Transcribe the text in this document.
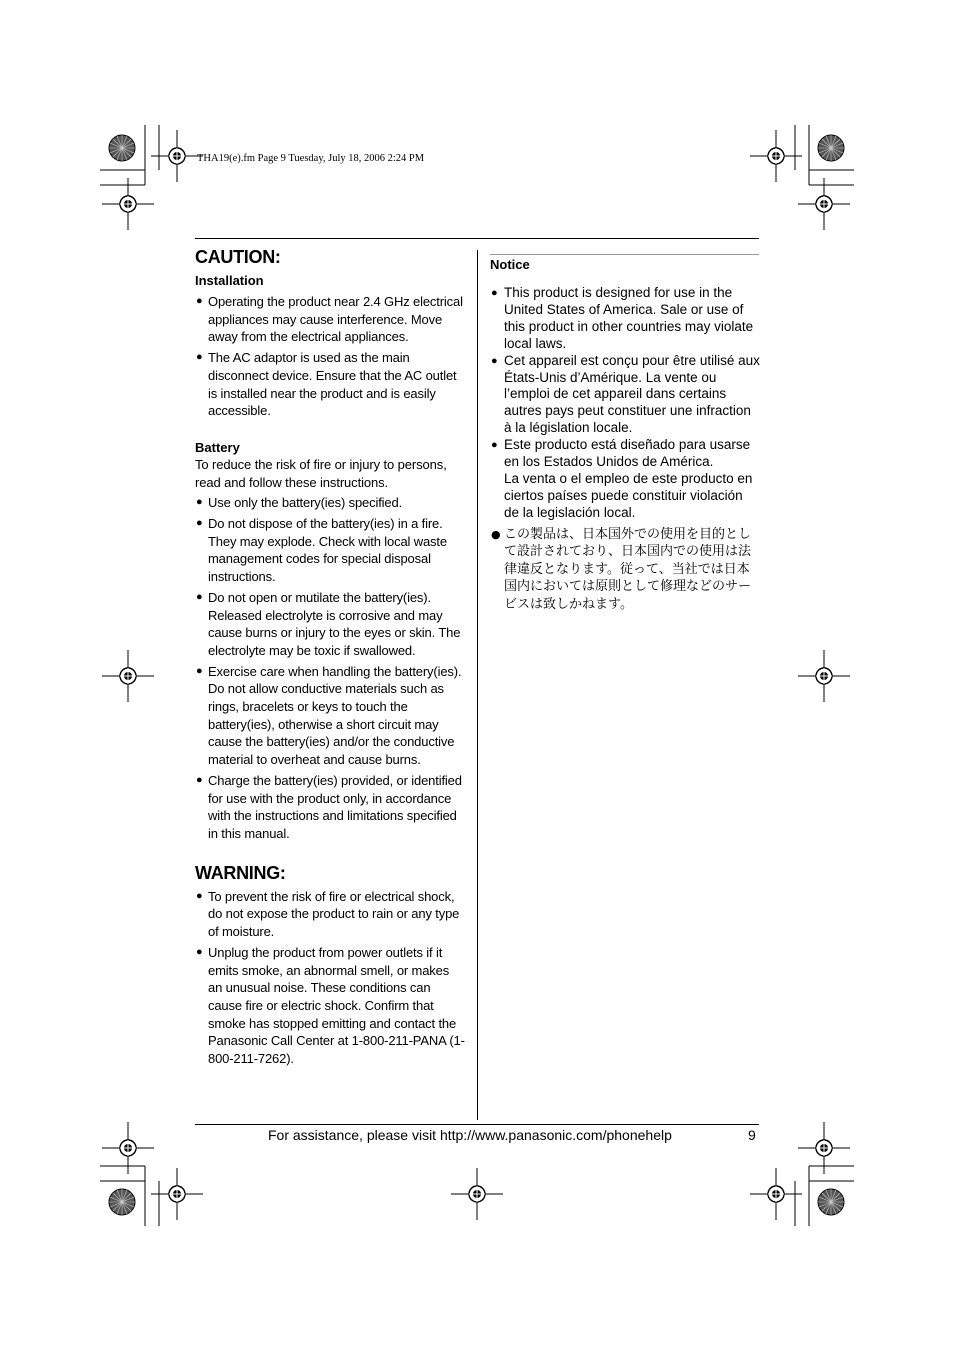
THA19(e).fm Page 9 Tuesday, July 18, 2006 2:24 PM
CAUTION:
Installation
● Operating the product near 2.4 GHz electrical appliances may cause interference. Move away from the electrical appliances.
● The AC adaptor is used as the main disconnect device. Ensure that the AC outlet is installed near the product and is easily accessible.
Battery
To reduce the risk of fire or injury to persons, read and follow these instructions.
● Use only the battery(ies) specified.
● Do not dispose of the battery(ies) in a fire. They may explode. Check with local waste management codes for special disposal instructions.
● Do not open or mutilate the battery(ies). Released electrolyte is corrosive and may cause burns or injury to the eyes or skin. The electrolyte may be toxic if swallowed.
● Exercise care when handling the battery(ies). Do not allow conductive materials such as rings, bracelets or keys to touch the battery(ies), otherwise a short circuit may cause the battery(ies) and/or the conductive material to overheat and cause burns.
● Charge the battery(ies) provided, or identified for use with the product only, in accordance with the instructions and limitations specified in this manual.
WARNING:
● To prevent the risk of fire or electrical shock, do not expose the product to rain or any type of moisture.
● Unplug the product from power outlets if it emits smoke, an abnormal smell, or makes an unusual noise. These conditions can cause fire or electric shock. Confirm that smoke has stopped emitting and contact the Panasonic Call Center at 1-800-211-PANA (1-800-211-7262).
Notice
● This product is designed for use in the United States of America. Sale or use of this product in other countries may violate local laws.
● Cet appareil est conçu pour être utilisé aux États-Unis d’Amérique. La vente ou l’emploi de cet appareil dans certains autres pays peut constituer une infraction à la législation locale.
● Este producto está diseñado para usarse en los Estados Unidos de América.
La venta o el empleo de este producto en ciertos países puede constituir violación de la legislación local.
● この製品は、日本国外での使用を目的として設計されており、日本国内での使用は法律違反となります。従って、当社では日本国内においては原則として修理などのサービスは致しかねます。
For assistance, please visit http://www.panasonic.com/phonehelp	9
